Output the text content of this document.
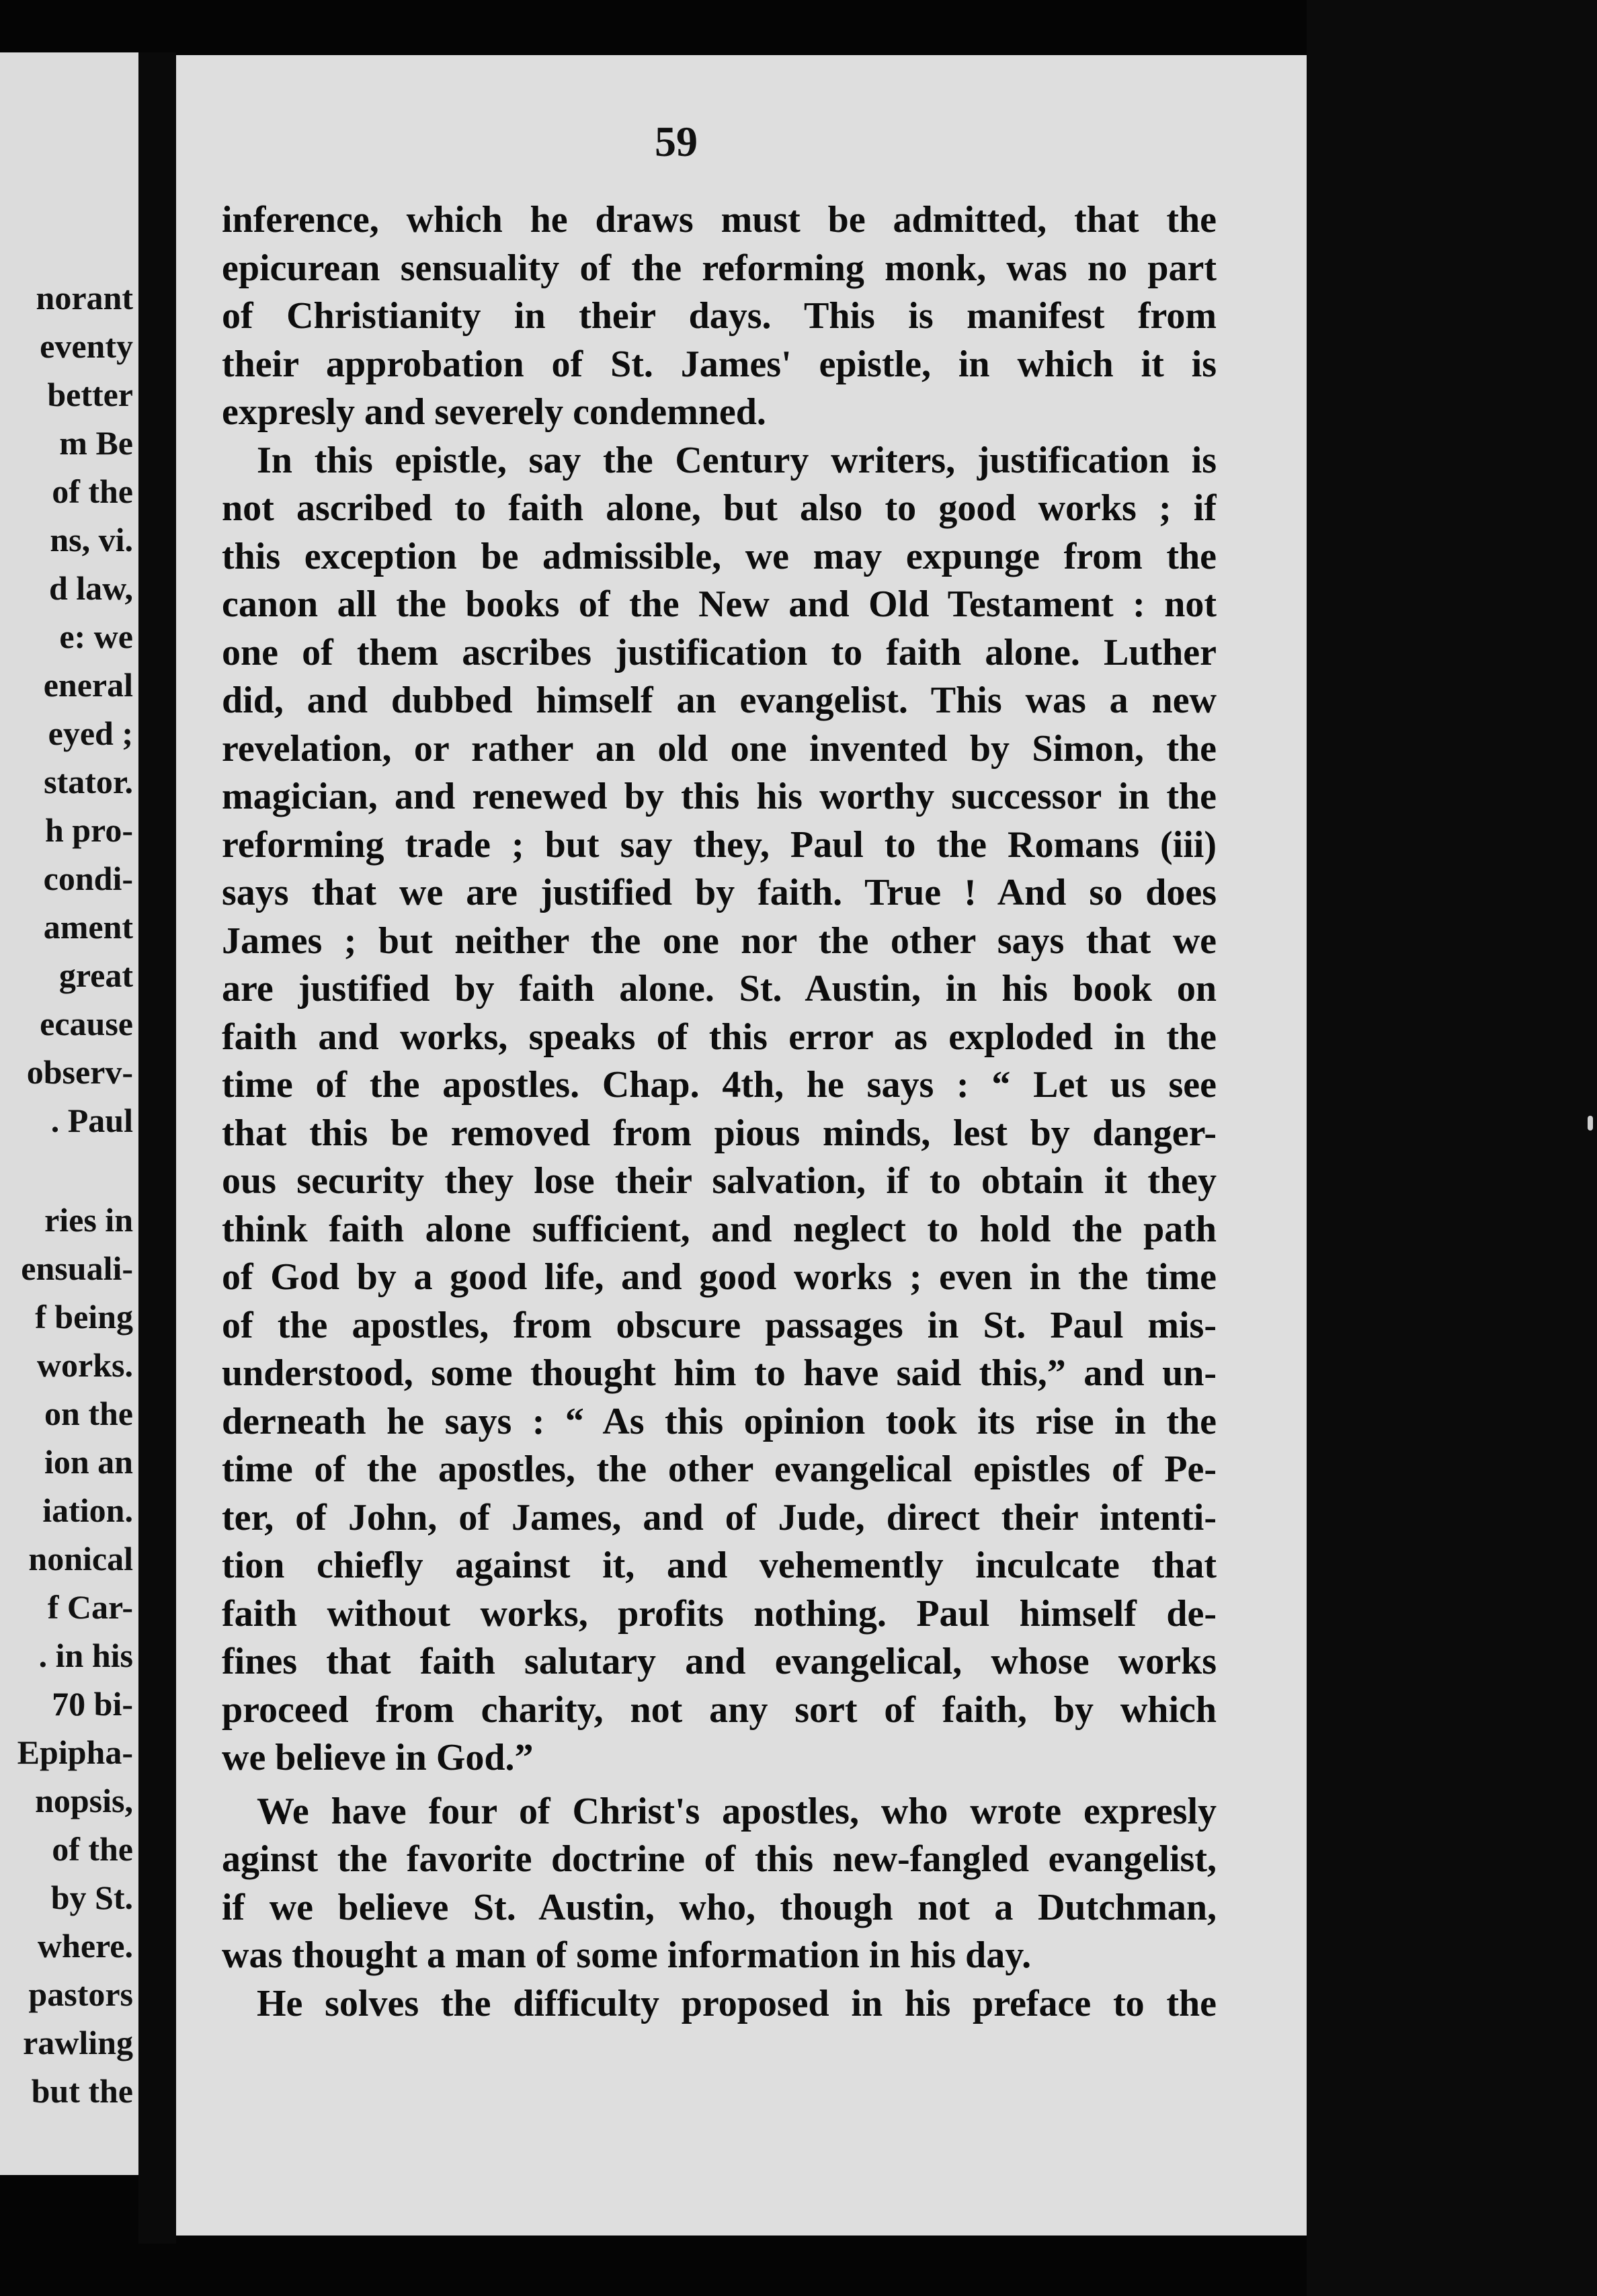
norant
eventy
better
m Be
of the
ns, vi.
d law,
e: we
eneral
eyed ;
stator.
h pro-
condi-
ament
great
ecause
observ-
. Paul
ries in
ensuali-
f being
works.
on the
ion an
iation.
nonical
f Car-
. in his
70 bi-
Epipha-
nopsis,
of the
by St.
where.
pastors
rawling
but the
59
inference, which he draws must be admitted, that the
epicurean sensuality of the reforming monk, was no part
of Christianity in their days. This is manifest from
their approbation of St. James' epistle, in which it is
expresly and severely condemned.
In this epistle, say the Century writers, justification is
not ascribed to faith alone, but also to good works ; if
this exception be admissible, we may expunge from the
canon all the books of the New and Old Testament : not
one of them ascribes justification to faith alone. Luther
did, and dubbed himself an evangelist. This was a new
revelation, or rather an old one invented by Simon, the
magician, and renewed by this his worthy successor in the
reforming trade ; but say they, Paul to the Romans (iii)
says that we are justified by faith. True ! And so does
James ; but neither the one nor the other says that we
are justified by faith alone. St. Austin, in his book on
faith and works, speaks of this error as exploded in the
time of the apostles. Chap. 4th, he says : “ Let us see
that this be removed from pious minds, lest by danger-
ous security they lose their salvation, if to obtain it they
think faith alone sufficient, and neglect to hold the path
of God by a good life, and good works ; even in the time
of the apostles, from obscure passages in St. Paul mis-
understood, some thought him to have said this,” and un-
derneath he says : “ As this opinion took its rise in the
time of the apostles, the other evangelical epistles of Pe-
ter, of John, of James, and of Jude, direct their intenti-
tion chiefly against it, and vehemently inculcate that
faith without works, profits nothing. Paul himself de-
fines that faith salutary and evangelical, whose works
proceed from charity, not any sort of faith, by which
we believe in God.”
We have four of Christ's apostles, who wrote expresly
aginst the favorite doctrine of this new-fangled evangelist,
if we believe St. Austin, who, though not a Dutchman,
was thought a man of some information in his day.
He solves the difficulty proposed in his preface to the
